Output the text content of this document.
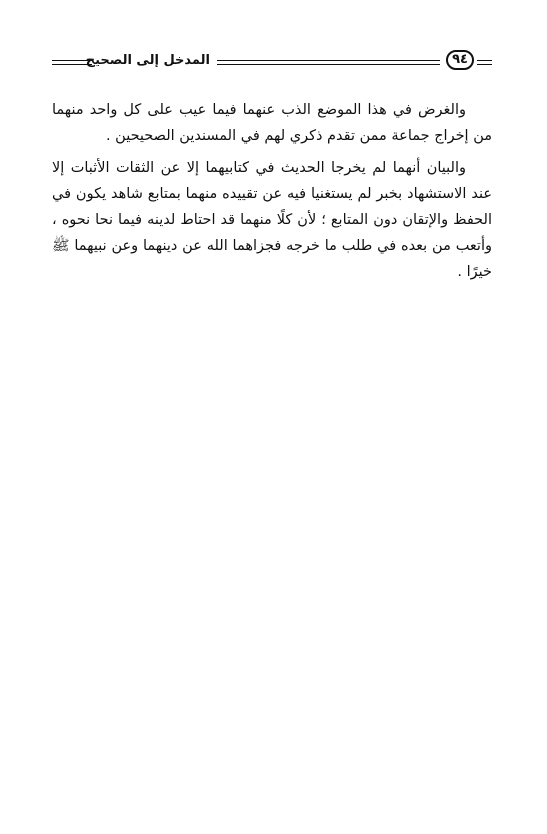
المدخل إلى الصحيح	٩٤

والغرض في هذا الموضع الذب عنهما فيما عيب على كل واحد منهما من إخراج جماعة ممن تقدم ذكري لهم في المسندين الصحيحين .

والبيان أنهما لم يخرجا الحديث في كتابيهما إلا عن الثقات الأثبات إلا عند الاستشهاد بخبر لم يستغنيا فيه عن تقييده منهما بمتابع شاهد يكون في الحفظ والإتقان دون المتابع ؛ لأن كلًا منهما قد احتاط لدينه فيما نحا نحوه ، وأتعب من بعده في طلب ما خرجه فجزاهما الله عن دينهما وعن نبيهما ﷺ خيرًا .
